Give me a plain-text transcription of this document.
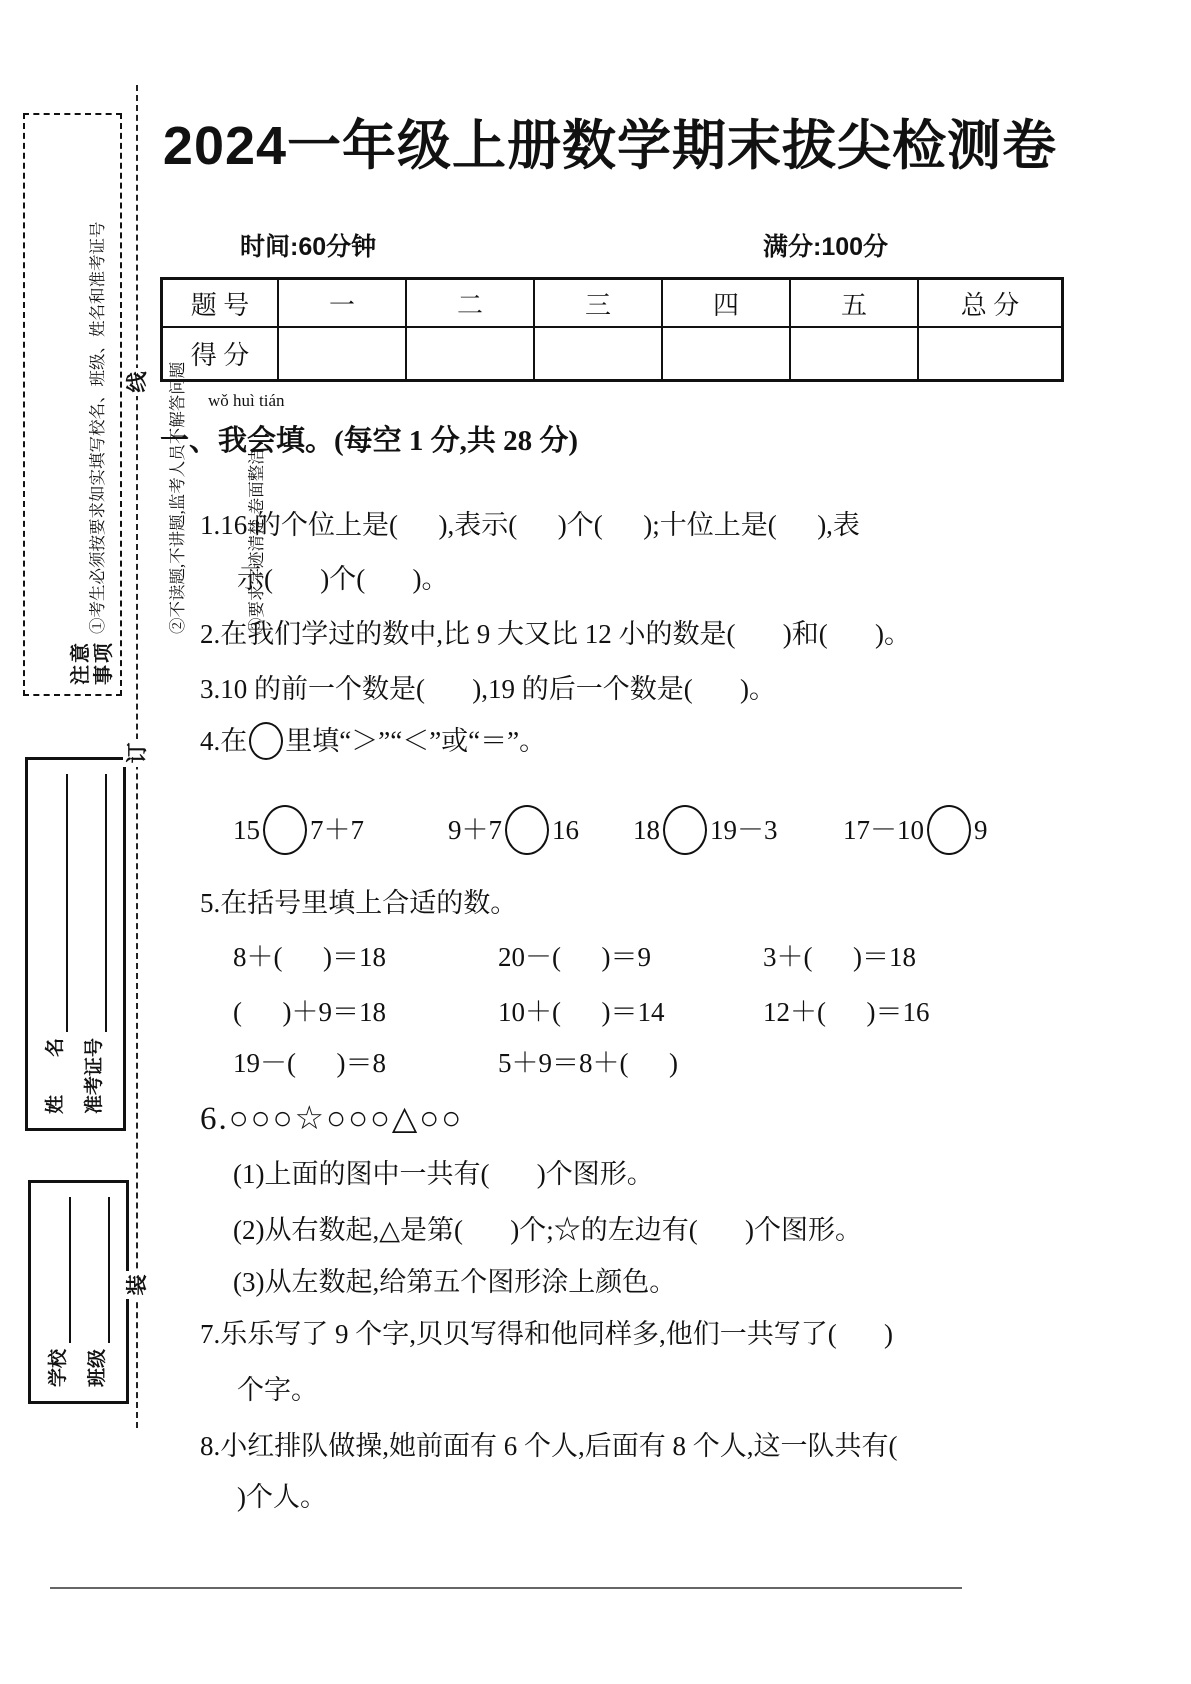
注意 事项

①考生必须按要求如实填写校名、班级、姓名和准考证号

	②不读题,不讲题,监考人员不解答问题

	③要求字迹清楚,卷面整洁

姓　　名 准考证号
学校 班级
线
订
装
2024一年级上册数学期末拔尖检测卷
时间:60分钟	满分:100分
题 号	一	二	三	四	五	总 分
得 分
wǒ huì tián
一、我会填。(每空 1 分,共 28 分)
1.16 的个位上是(      ),表示(      )个(      );十位上是(      ),表
示(       )个(       )。
2.在我们学过的数中,比 9 大又比 12 小的数是(       )和(       )。
3.10 的前一个数是(       ),19 的后一个数是(       )。
4.在 里填“＞”“＜”或“＝”。
15 7＋7	9＋7 16 18 19－3 17－10 9
5.在括号里填上合适的数。
8＋(      )＝18	20－(      )＝9	3＋(      )＝18
(      )＋9＝18	10＋(      )＝14	12＋(      )＝16
19－(      )＝8	5＋9＝8＋(      )
6.○○○☆○○○△○○
(1)上面的图中一共有(       )个图形。
(2)从右数起,△是第(       )个;☆的左边有(       )个图形。
(3)从左数起,给第五个图形涂上颜色。
7.乐乐写了 9 个字,贝贝写得和他同样多,他们一共写了(       )
个字。
8.小红排队做操,她前面有 6 个人,后面有 8 个人,这一队共有(
)个人。
